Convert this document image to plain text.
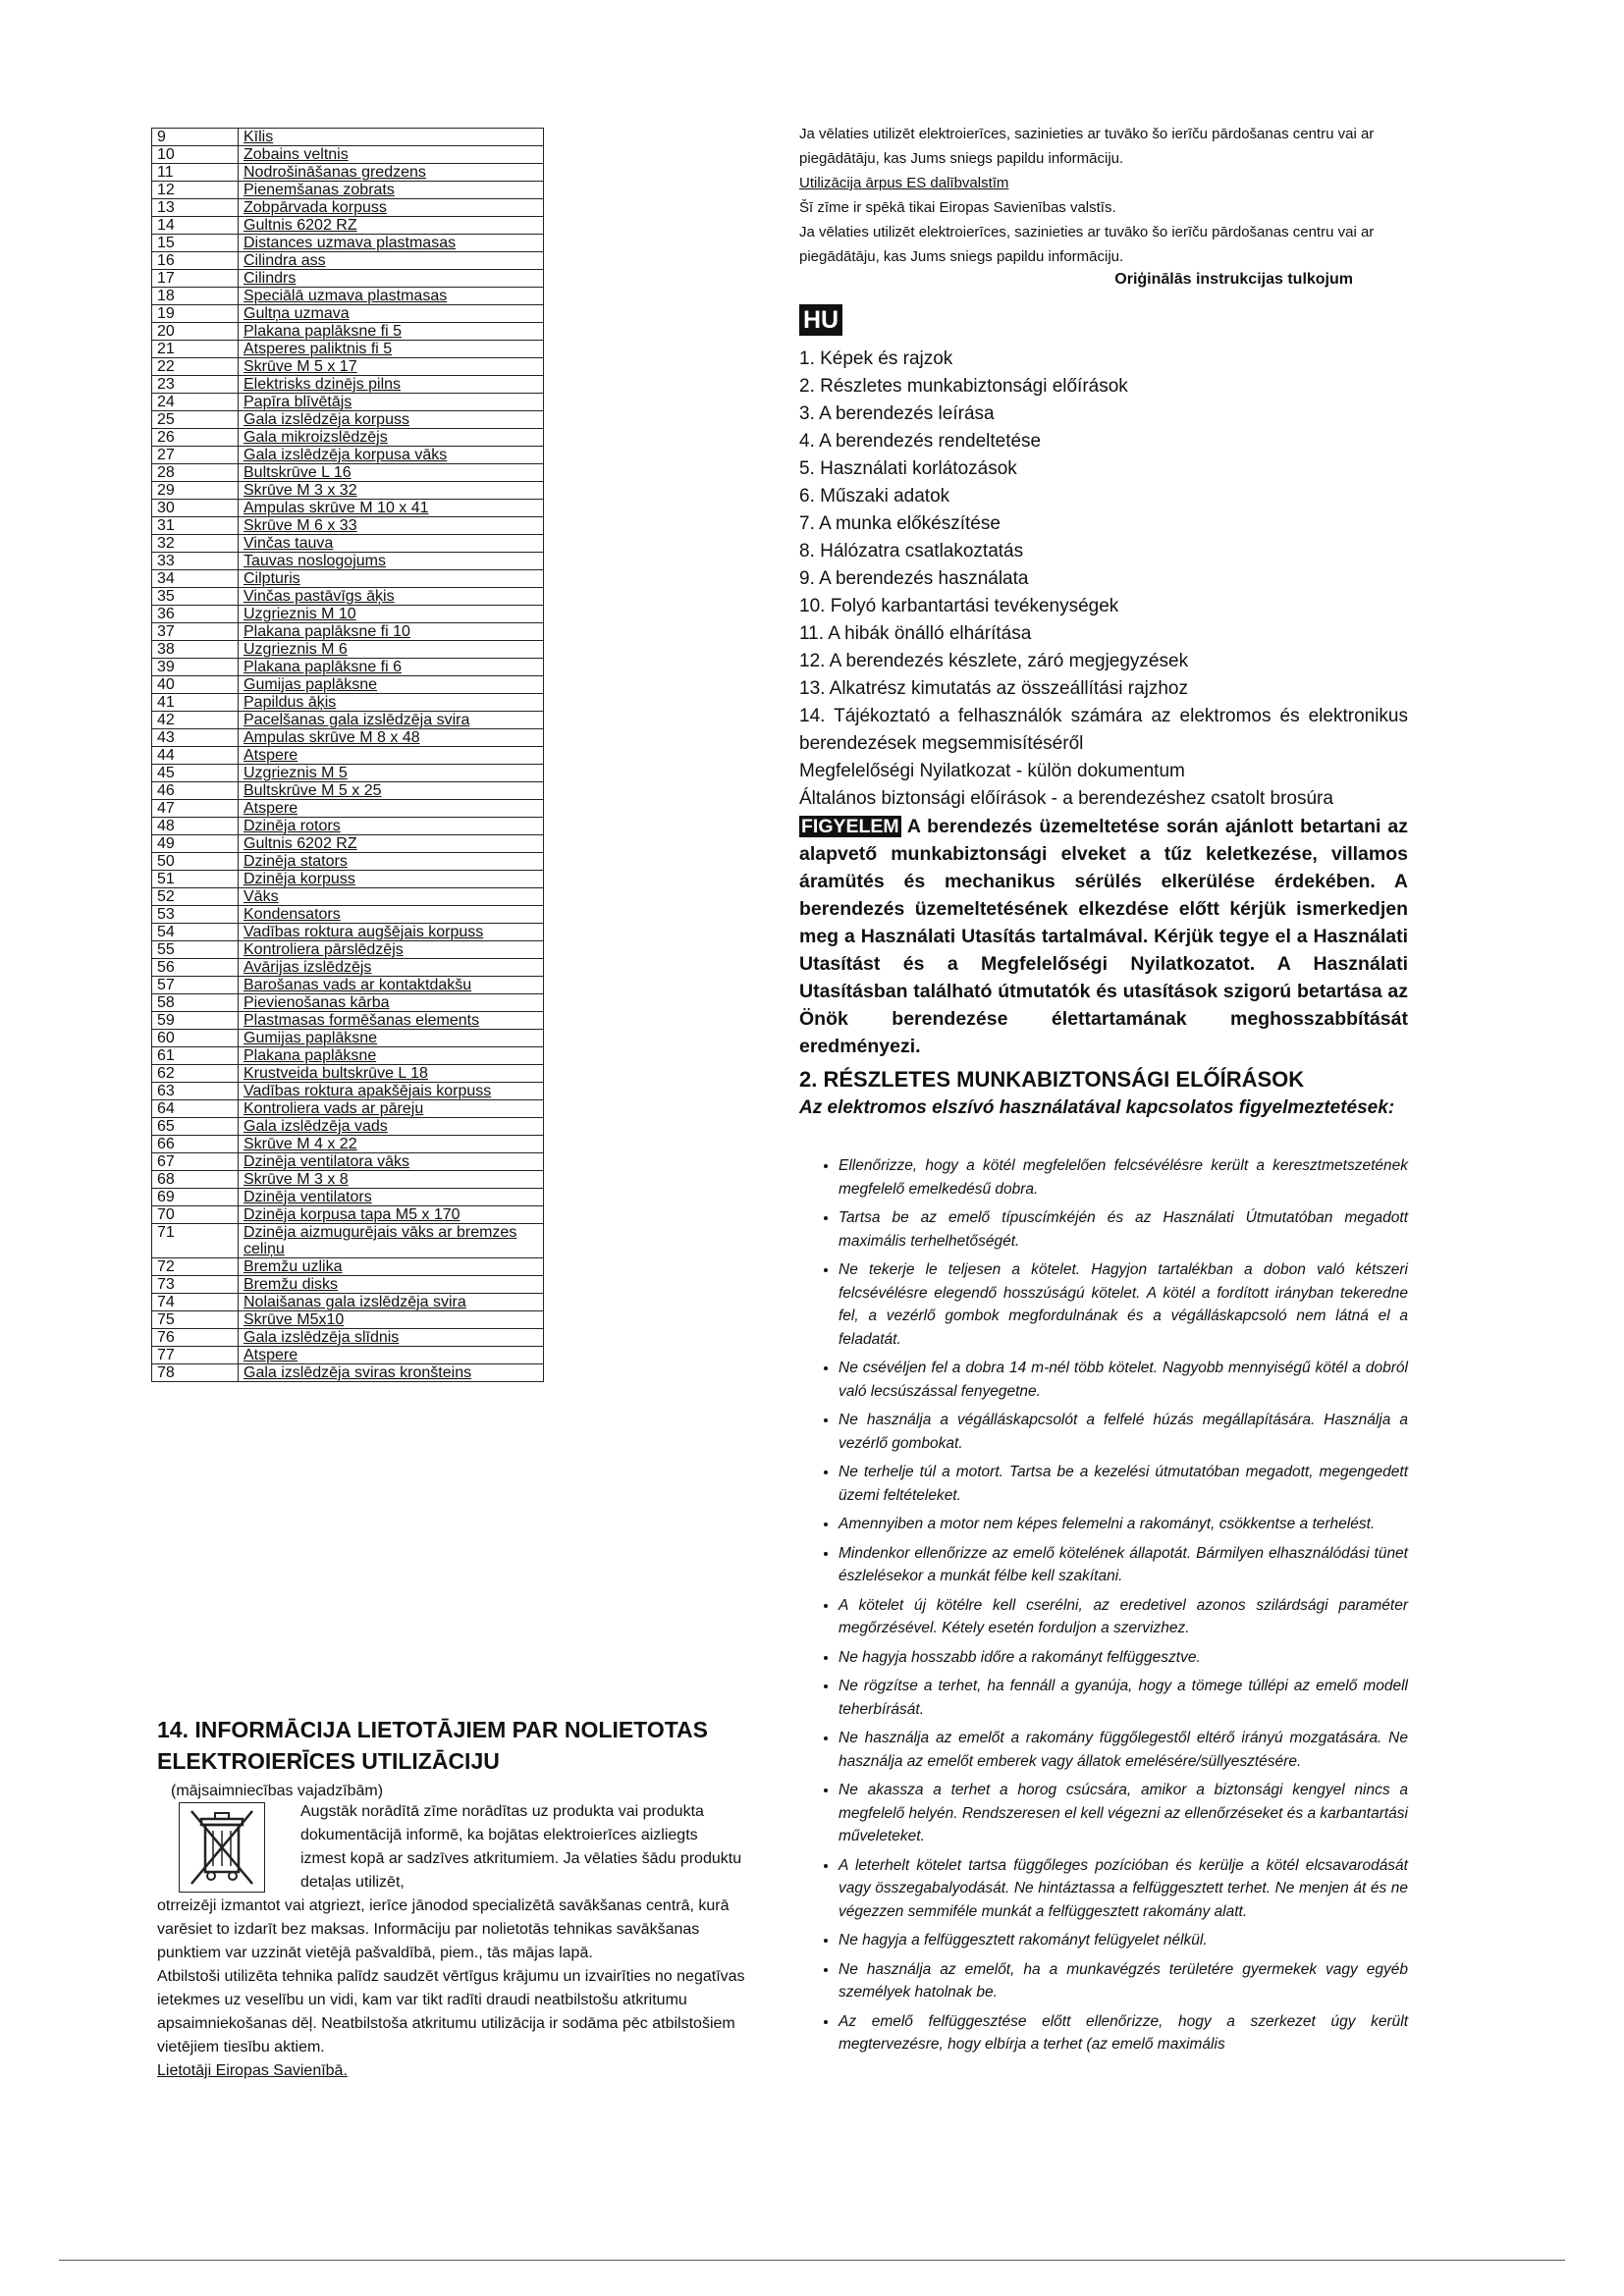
9	Kīlis
10	Zobains veltnis
11	Nodrošināšanas gredzens
12	Pienemšanas zobrats
13	Zobpārvada korpuss
14	Gultnis 6202 RZ
15	Distances uzmava plastmasas
16	Cilindra ass
17	Cilindrs
18	Speciālā uzmava plastmasas
19	Gultņa uzmava
20	Plakana paplāksne fi 5
21	Atsperes paliktnis fi 5
22	Skrūve M 5 x 17
23	Elektrisks dzinējs pilns
24	Papīra blīvētājs
25	Gala izslēdzēja korpuss
26	Gala mikroizslēdzējs
27	Gala izslēdzēja korpusa vāks
28	Bultskrūve L 16
29	Skrūve M 3 x 32
30	Ampulas skrūve M 10 x 41
31	Skrūve M 6 x 33
32	Vinčas tauva
33	Tauvas noslogojums
34	Cilpturis
35	Vinčas pastāvīgs āķis
36	Uzgrieznis M 10
37	Plakana paplāksne fi 10
38	Uzgrieznis M 6
39	Plakana paplāksne fi 6
40	Gumijas paplāksne
41	Papildus āķis
42	Pacelšanas gala izslēdzēja svira
43	Ampulas skrūve M 8 x 48
44	Atspere
45	Uzgrieznis M 5
46	Bultskrūve M 5 x 25
47	Atspere
48	Dzinēja rotors
49	Gultnis 6202 RZ
50	Dzinēja stators
51	Dzinēja korpuss
52	Vāks
53	Kondensators
54	Vadības roktura augšējais korpuss
55	Kontroliera pārslēdzējs
56	Avārijas izslēdzējs
57	Barošanas vads ar kontaktdakšu
58	Pievienošanas kārba
59	Plastmasas formēšanas elements
60	Gumijas paplāksne
61	Plakana paplāksne
62	Krustveida bultskrūve L 18
63	Vadības roktura apakšējais korpuss
64	Kontroliera vads ar pāreju
65	Gala izslēdzēja vads
66	Skrūve M 4 x 22
67	Dzinēja ventilatora vāks
68	Skrūve M 3 x 8
69	Dzinēja ventilators
70	Dzinēja korpusa tapa M5 x 170
71	Dzinēja aizmugurējais vāks ar bremzes celiņu
72	Bremžu uzlika
73	Bremžu disks
74	Nolaišanas gala izslēdzēja svira
75	Skrūve M5x10
76	Gala izslēdzēja slīdnis
77	Atspere
78	Gala izslēdzēja sviras kronšteins
14. INFORMĀCIJA LIETOTĀJIEM PAR NOLIETOTAS ELEKTROIERĪCES UTILIZĀCIJU
(mājsaimniecības vajadzībām)

Augstāk norādītā zīme norādītas uz produkta vai produkta dokumentācijā informē, ka bojātas elektroierīces aizliegts izmest kopā ar sadzīves atkritumiem. Ja vēlaties šādu produktu detaļas utilizēt,

otrreizēji izmantot vai atgriezt, ierīce jānodod specializētā savākšanas centrā, kurā varēsiet to izdarīt bez maksas. Informāciju par nolietotās tehnikas savākšanas punktiem var uzzināt vietējā pašvaldībā, piem., tās mājas lapā.

Atbilstoši utilizēta tehnika palīdz saudzēt vērtīgus krājumu un izvairīties no negatīvas ietekmes uz veselību un vidi, kam var tikt radīti draudi neatbilstošu atkritumu apsaimniekošanas dēļ. Neatbilstoša atkritumu utilizācija ir sodāma pēc atbilstošiem vietējiem tiesību aktiem.

Lietotāji Eiropas Savienībā.

Ja vēlaties utilizēt elektroierīces, sazinieties ar tuvāko šo ierīču pārdošanas centru vai ar piegādātāju, kas Jums sniegs papildu informāciju.

Utilizācija ārpus ES dalībvalstīm

Šī zīme ir spēkā tikai Eiropas Savienības valstīs.

Ja vēlaties utilizēt elektroierīces, sazinieties ar tuvāko šo ierīču pārdošanas centru vai ar piegādātāju, kas Jums sniegs papildu informāciju.

Oriģinālās instrukcijas tulkojum

HU
1. Képek és rajzok
2. Részletes munkabiztonsági előírások
3. A berendezés leírása
4. A berendezés rendeltetése
5. Használati korlátozások
6. Műszaki adatok
7. A munka előkészítése
8. Hálózatra csatlakoztatás
9. A berendezés használata
10. Folyó karbantartási tevékenységek
11. A hibák önálló elhárítása
12. A berendezés készlete, záró megjegyzések
13. Alkatrész kimutatás az összeállítási rajzhoz
14. Tájékoztató a felhasználók számára az elektromos és elektronikus berendezések megsemmisítéséről
Megfelelőségi Nyilatkozat - külön dokumentum
Általános biztonsági előírások - a berendezéshez csatolt brosúra

FIGYELEM A berendezés üzemeltetése során ajánlott betartani az alapvető munkabiztonsági elveket a tűz keletkezése, villamos áramütés és mechanikus sérülés elkerülése érdekében. A berendezés üzemeltetésének elkezdése előtt kérjük ismerkedjen meg a Használati Utasítás tartalmával. Kérjük tegye el a Használati Utasítást és a Megfelelőségi Nyilatkozatot. A Használati Utasításban található útmutatók és utasítások szigorú betartása az Önök berendezése élettartamának meghosszabbítását eredményezi.

2. RÉSZLETES MUNKABIZTONSÁGI ELŐÍRÁSOK

Az elektromos elszívó használatával kapcsolatos figyelmeztetések:

• Ellenőrizze, hogy a kötél megfelelően felcsévélésre került a keresztmetszetének megfelelő emelkedésű dobra.
• Tartsa be az emelő típuscímkéjén és az Használati Útmutatóban megadott maximális terhelhetőségét.
• Ne tekerje le teljesen a kötelet. Hagyjon tartalékban a dobon való kétszeri felcsévélésre elegendő hosszúságú kötelet. A kötél a fordított irányban tekeredne fel, a vezérlő gombok megfordulnának és a végálláskapcsoló nem látná el a feladatát.
• Ne csévéljen fel a dobra 14 m-nél több kötelet. Nagyobb mennyiségű kötél a dobról való lecsúszással fenyegetne.
• Ne használja a végálláskapcsolót a felfelé húzás megállapítására. Használja a vezérlő gombokat.
• Ne terhelje túl a motort. Tartsa be a kezelési útmutatóban megadott, megengedett üzemi feltételeket.
• Amennyiben a motor nem képes felemelni a rakományt, csökkentse a terhelést.
• Mindenkor ellenőrizze az emelő kötelének állapotát. Bármilyen elhasználódási tünet észlelésekor a munkát félbe kell szakítani.
• A kötelet új kötélre kell cserélni, az eredetivel azonos szilárdsági paraméter megőrzésével. Kétely esetén forduljon a szervizhez.
• Ne hagyja hosszabb időre a rakományt felfüggesztve.
• Ne rögzítse a terhet, ha fennáll a gyanúja, hogy a tömege túllépi az emelő modell teherbírását.
• Ne használja az emelőt a rakomány függőlegestől eltérő irányú mozgatására. Ne használja az emelőt emberek vagy állatok emelésére/süllyesztésére.
• Ne akassza a terhet a horog csúcsára, amikor a biztonsági kengyel nincs a megfelelő helyén. Rendszeresen el kell végezni az ellenőrzéseket és a karbantartási műveleteket.
• A leterhelt kötelet tartsa függőleges pozícióban és kerülje a kötél elcsavarodását vagy összegabalyodását. Ne hintáztassa a felfüggesztett terhet. Ne menjen át és ne végezzen semmiféle munkát a felfüggesztett rakomány alatt.
• Ne hagyja a felfüggesztett rakományt felügyelet nélkül.
• Ne használja az emelőt, ha a munkavégzés területére gyermekek vagy egyéb személyek hatolnak be.
• Az emelő felfüggesztése előtt ellenőrizze, hogy a szerkezet úgy került megtervezésre, hogy elbírja a terhet (az emelő maximális
